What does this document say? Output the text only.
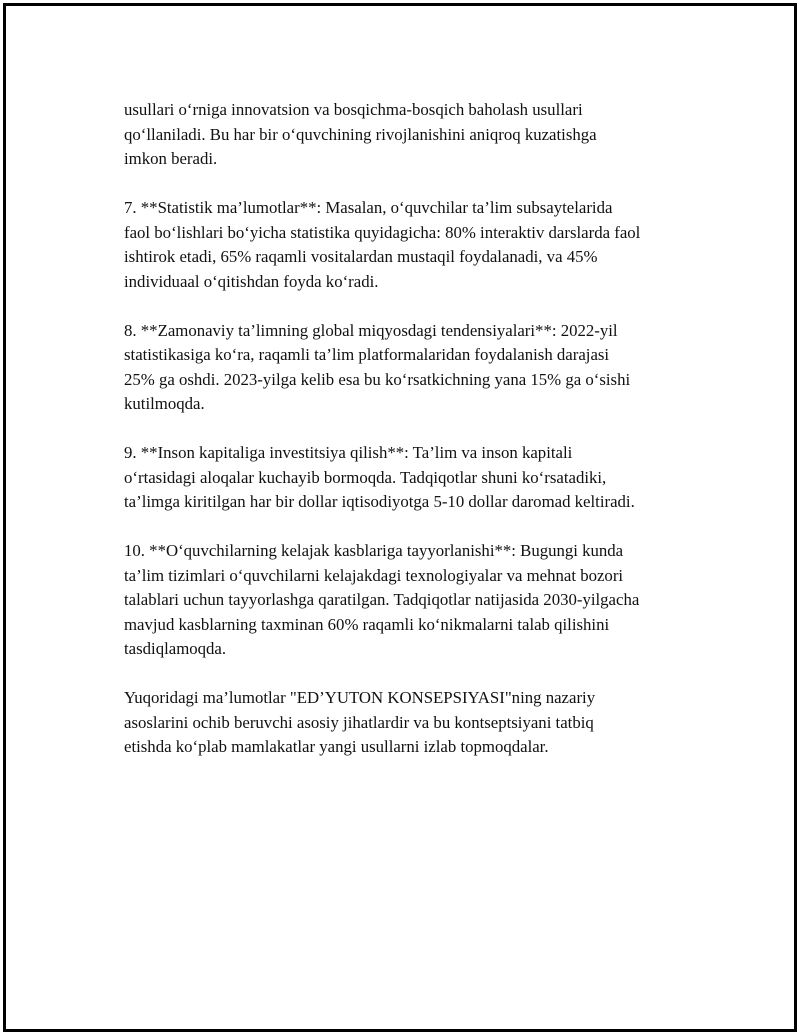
usullari o‘rniga innovatsion va bosqichma-bosqich baholash usullari
qo‘llaniladi. Bu har bir o‘quvchining rivojlanishini aniqroq kuzatishga
imkon beradi.

7. **Statistik ma’lumotlar**: Masalan, o‘quvchilar ta’lim subsaytelarida
faol bo‘lishlari bo‘yicha statistika quyidagicha: 80% interaktiv darslarda faol
ishtirok etadi, 65% raqamli vositalardan mustaqil foydalanadi, va 45%
individuaal o‘qitishdan foyda ko‘radi.

8. **Zamonaviy ta’limning global miqyosdagi tendensiyalari**: 2022-yil
statistikasiga ko‘ra, raqamli ta’lim platformalaridan foydalanish darajasi
25% ga oshdi. 2023-yilga kelib esa bu ko‘rsatkichning yana 15% ga o‘sishi
kutilmoqda.

9. **Inson kapitaliga investitsiya qilish**: Ta’lim va inson kapitali
o‘rtasidagi aloqalar kuchayib bormoqda. Tadqiqotlar shuni ko‘rsatadiki,
ta’limga kiritilgan har bir dollar iqtisodiyotga 5-10 dollar daromad keltiradi.

10. **O‘quvchilarning kelajak kasblariga tayyorlanishi**: Bugungi kunda
ta’lim tizimlari o‘quvchilarni kelajakdagi texnologiyalar va mehnat bozori
talablari uchun tayyorlashga qaratilgan. Tadqiqotlar natijasida 2030-yilgacha
mavjud kasblarning taxminan 60% raqamli ko‘nikmalarni talab qilishini
tasdiqlamoqda.

Yuqoridagi ma’lumotlar "ED’YUTON KONSEPSIYASI"ning nazariy
asoslarini ochib beruvchi asosiy jihatlardir va bu kontseptsiyani tatbiq
etishda ko‘plab mamlakatlar yangi usullarni izlab topmoqdalar.
